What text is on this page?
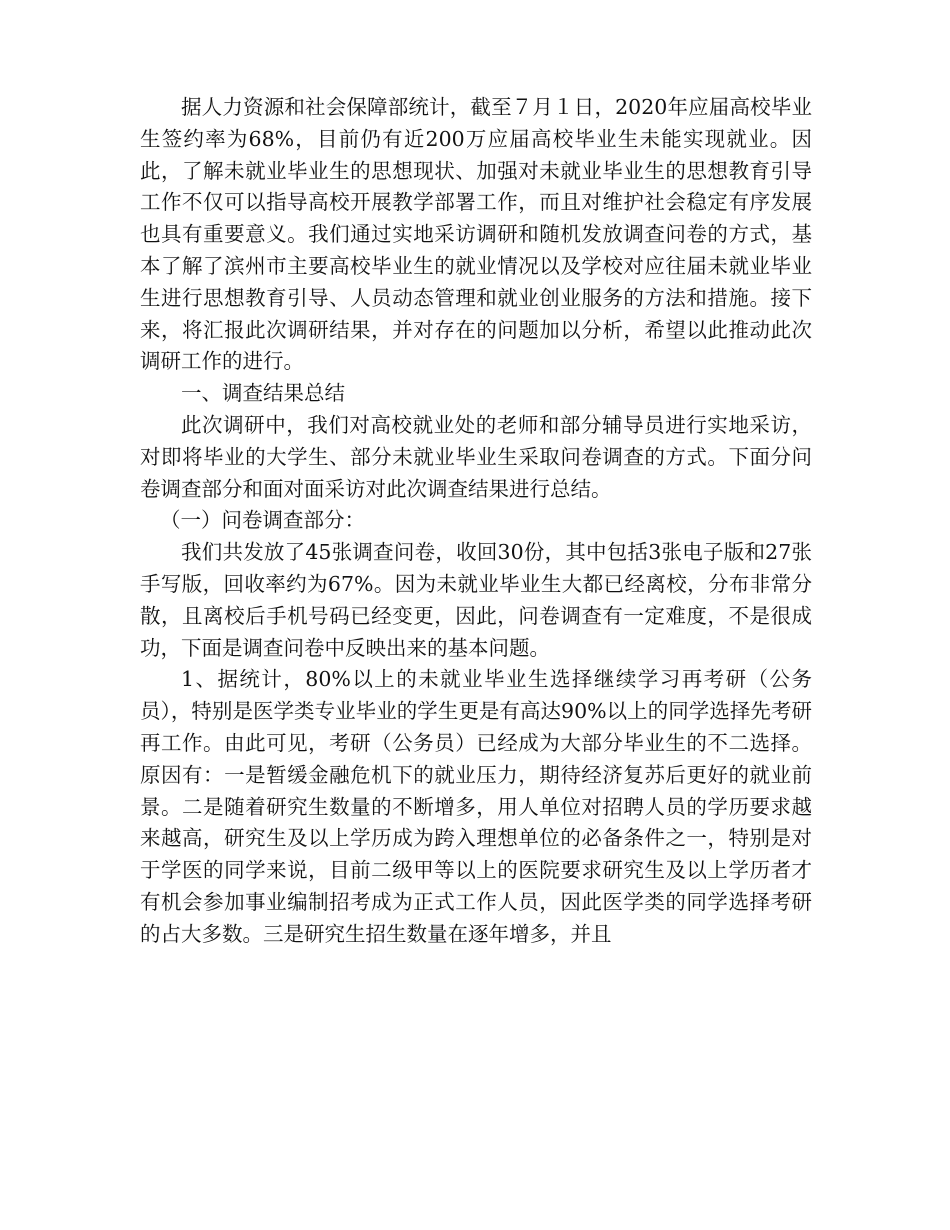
据人力资源和社会保障部统计，截至７月１日，2020年应届高校毕业生签约率为68%，目前仍有近200万应届高校毕业生未能实现就业。因此，了解未就业毕业生的思想现状、加强对未就业毕业生的思想教育引导工作不仅可以指导高校开展教学部署工作，而且对维护社会稳定有序发展也具有重要意义。我们通过实地采访调研和随机发放调查问卷的方式，基本了解了滨州市主要高校毕业生的就业情况以及学校对应往届未就业毕业生进行思想教育引导、人员动态管理和就业创业服务的方法和措施。接下来，将汇报此次调研结果，并对存在的问题加以分析，希望以此推动此次调研工作的进行。

一、调查结果总结

此次调研中，我们对高校就业处的老师和部分辅导员进行实地采访，对即将毕业的大学生、部分未就业毕业生采取问卷调查的方式。下面分问卷调查部分和面对面采访对此次调查结果进行总结。

（一）问卷调查部分：

我们共发放了45张调查问卷，收回30份，其中包括3张电子版和27张手写版，回收率约为67%。因为未就业毕业生大都已经离校，分布非常分散，且离校后手机号码已经变更，因此，问卷调查有一定难度，不是很成功，下面是调查问卷中反映出来的基本问题。

1、据统计，80%以上的未就业毕业生选择继续学习再考研（公务员），特别是医学类专业毕业的学生更是有高达90%以上的同学选择先考研再工作。由此可见，考研（公务员）已经成为大部分毕业生的不二选择。原因有：一是暂缓金融危机下的就业压力，期待经济复苏后更好的就业前景。二是随着研究生数量的不断增多，用人单位对招聘人员的学历要求越来越高，研究生及以上学历成为跨入理想单位的必备条件之一，特别是对于学医的同学来说，目前二级甲等以上的医院要求研究生及以上学历者才有机会参加事业编制招考成为正式工作人员，因此医学类的同学选择考研的占大多数。三是研究生招生数量在逐年增多，并且
